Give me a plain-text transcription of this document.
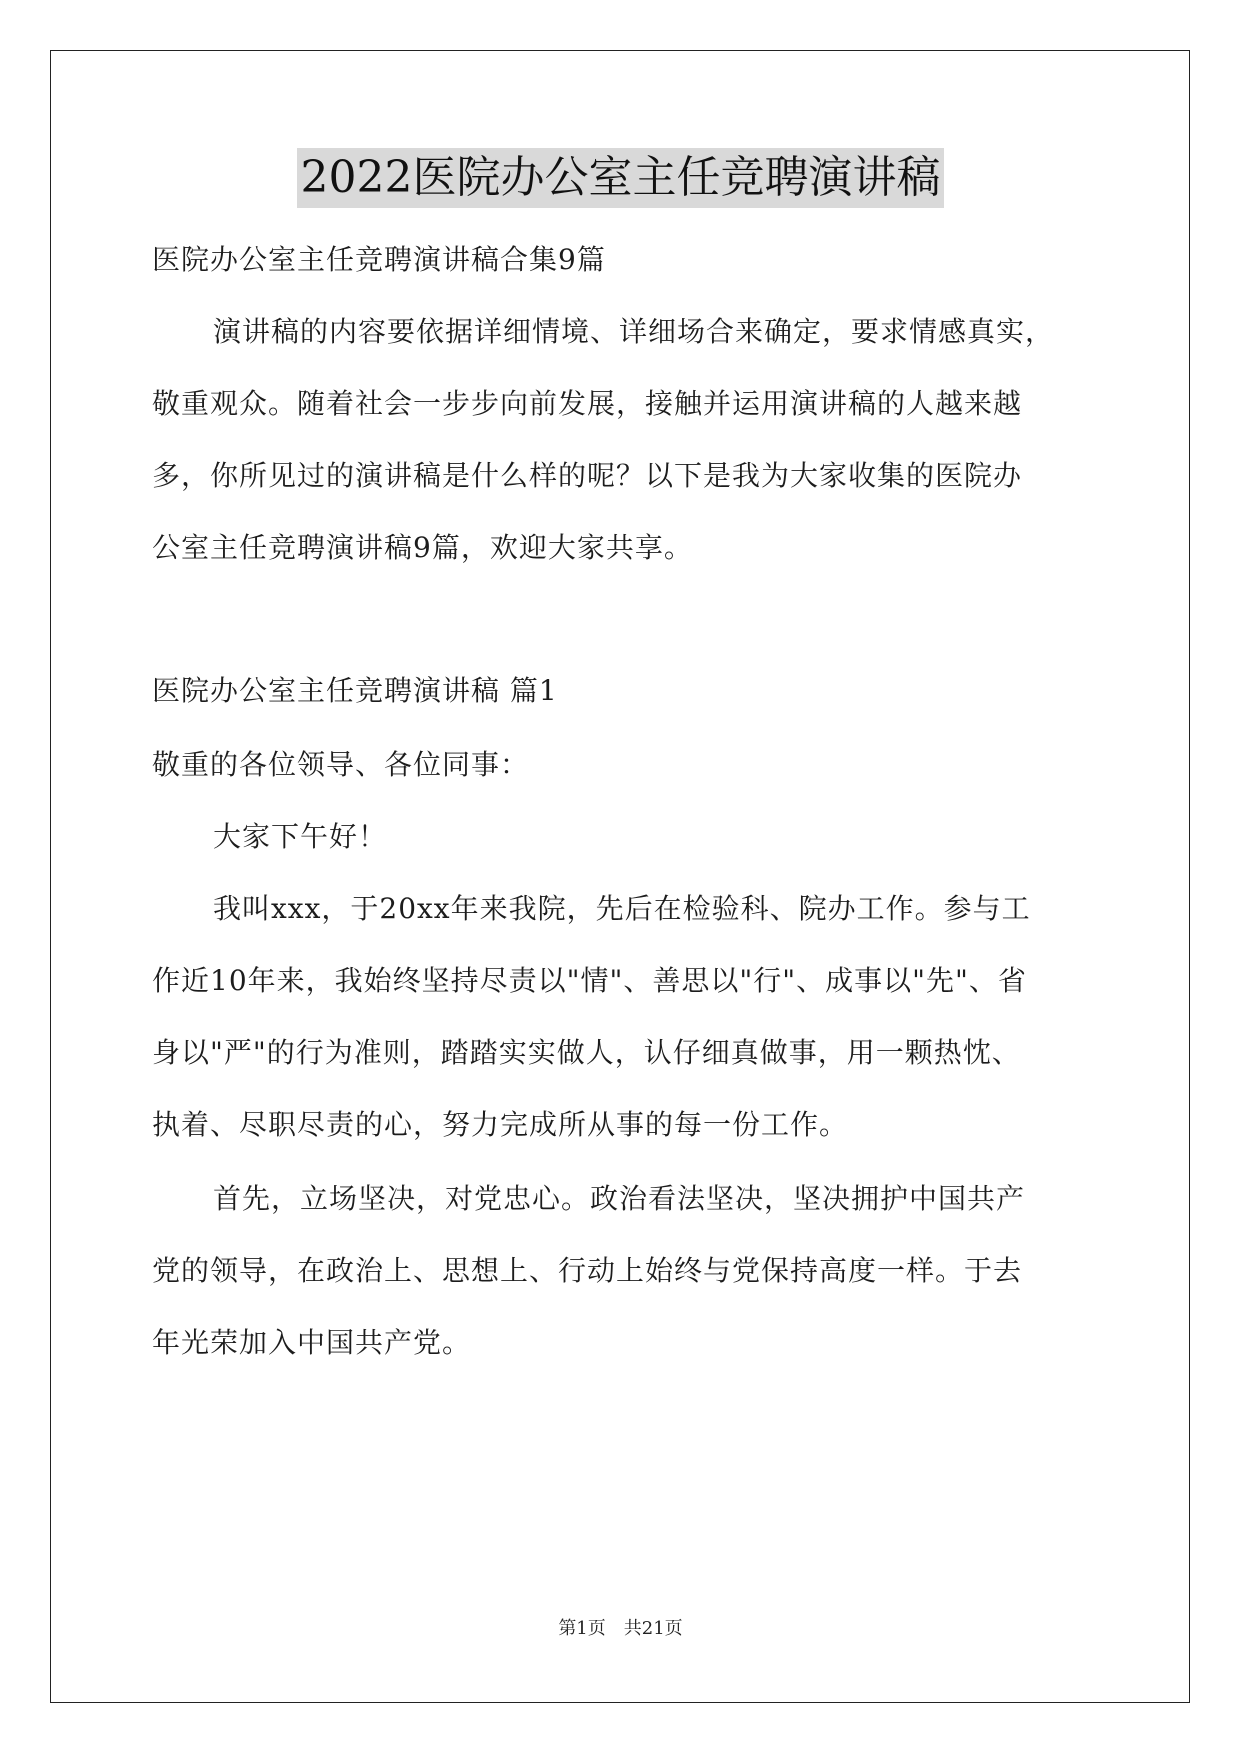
2022医院办公室主任竞聘演讲稿
医院办公室主任竞聘演讲稿合集9篇
演讲稿的内容要依据详细情境、详细场合来确定，要求情感真实，
敬重观众。随着社会一步步向前发展，接触并运用演讲稿的人越来越
多，你所见过的演讲稿是什么样的呢？以下是我为大家收集的医院办
公室主任竞聘演讲稿9篇，欢迎大家共享。
医院办公室主任竞聘演讲稿 篇1
敬重的各位领导、各位同事：
大家下午好！
我叫xxx，于20xx年来我院，先后在检验科、院办工作。参与工
作近10年来，我始终坚持尽责以"情"、善思以"行"、成事以"先"、省
身以"严"的行为准则，踏踏实实做人，认仔细真做事，用一颗热忱、
执着、尽职尽责的心，努力完成所从事的每一份工作。
首先，立场坚决，对党忠心。政治看法坚决，坚决拥护中国共产
党的领导，在政治上、思想上、行动上始终与党保持高度一样。于去
年光荣加入中国共产党。
第1页 共21页
